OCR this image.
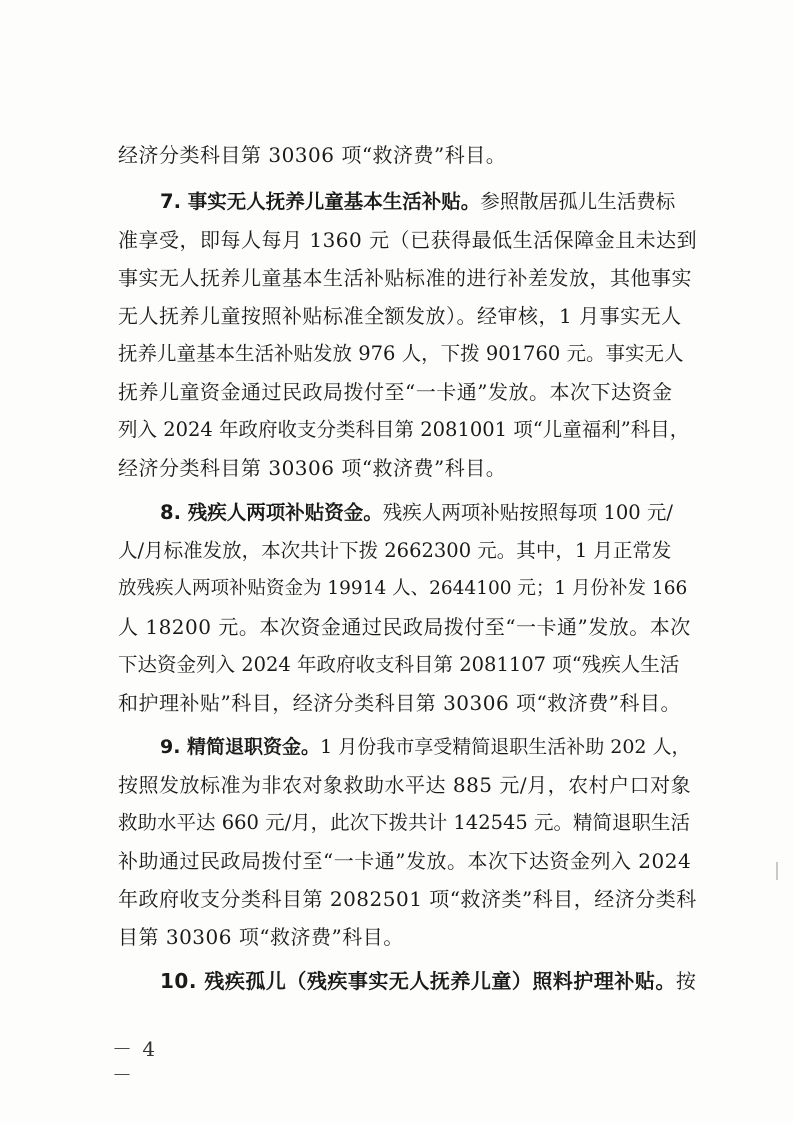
经济分类科目第 30306 项“救济费”科目。
7. 事实无人抚养儿童基本生活补贴。参照散居孤儿生活费标
准享受，即每人每月 1360 元（已获得最低生活保障金且未达到
事实无人抚养儿童基本生活补贴标准的进行补差发放，其他事实
无人抚养儿童按照补贴标准全额发放）。经审核，1 月事实无人
抚养儿童基本生活补贴发放 976 人，下拨 901760 元。事实无人
抚养儿童资金通过民政局拨付至“一卡通”发放。本次下达资金
列入 2024 年政府收支分类科目第 2081001 项“儿童福利”科目，
经济分类科目第 30306 项“救济费”科目。
8. 残疾人两项补贴资金。残疾人两项补贴按照每项 100 元/
人/月标准发放，本次共计下拨 2662300 元。其中，1 月正常发
放残疾人两项补贴资金为 19914 人、2644100 元；1 月份补发 166
人 18200 元。本次资金通过民政局拨付至“一卡通”发放。本次
下达资金列入 2024 年政府收支科目第 2081107 项“残疾人生活
和护理补贴”科目，经济分类科目第 30306 项“救济费”科目。
9. 精简退职资金。1 月份我市享受精简退职生活补助 202 人，
按照发放标准为非农对象救助水平达 885 元/月，农村户口对象
救助水平达 660 元/月，此次下拨共计 142545 元。精简退职生活
补助通过民政局拨付至“一卡通”发放。本次下达资金列入 2024
年政府收支分类科目第 2082501 项“救济类”科目，经济分类科
目第 30306 项“救济费”科目。
10. 残疾孤儿（残疾事实无人抚养儿童）照料护理补贴。按
－ 4 －
